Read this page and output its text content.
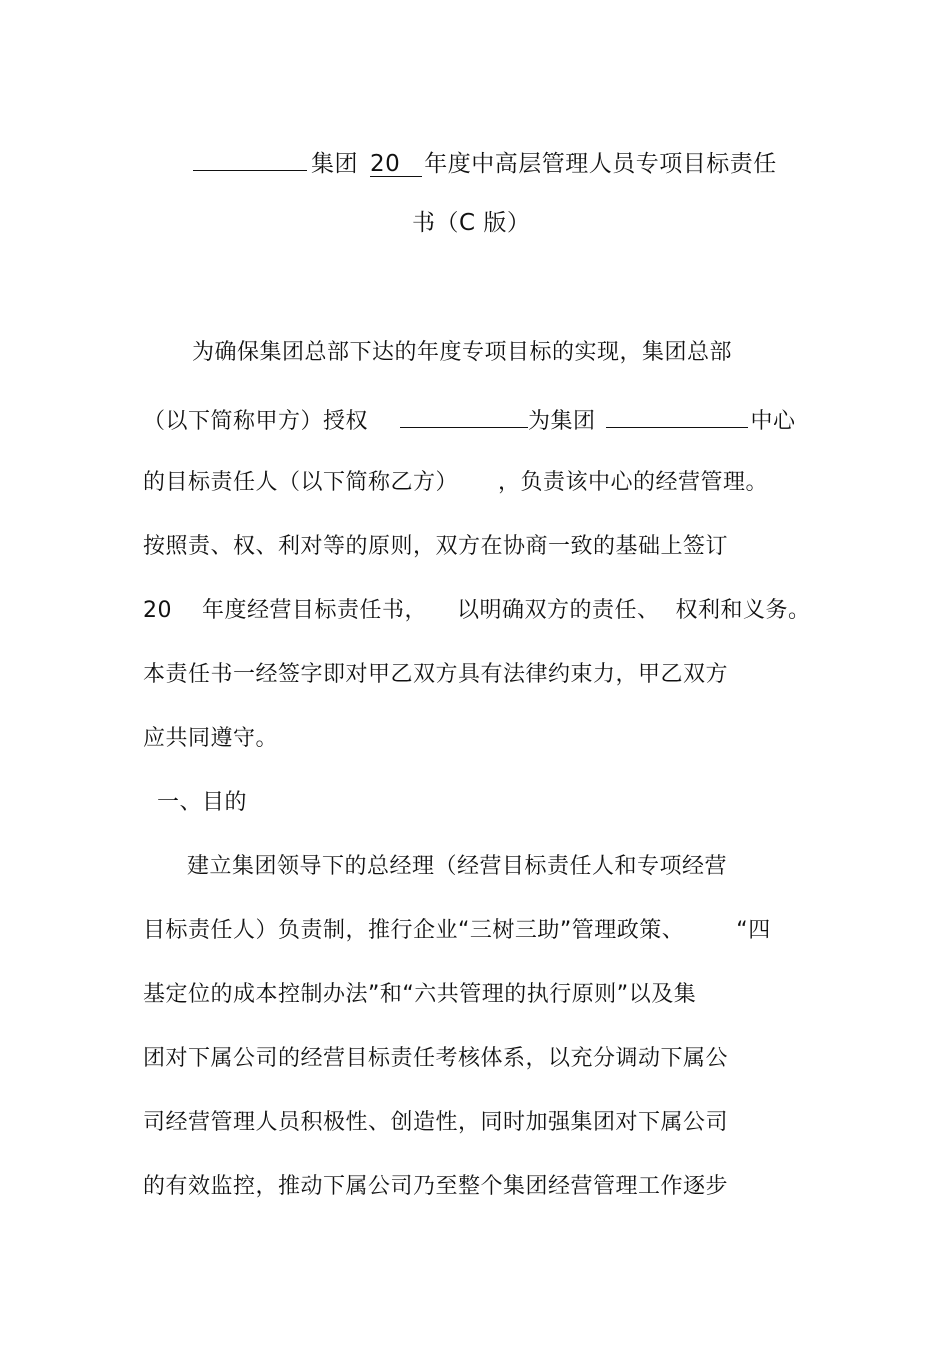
集团 20 年度中高层管理人员专项目标责任
书（C 版）
为确保集团总部下达的年度专项目标的实现，集团总部
（以下简称甲方）授权	为集团	中心
的目标责任人（以下简称乙方） ，负责该中心的经营管理。
按照责、权、利对等的原则，双方在协商一致的基础上签订
20 年度经营目标责任书， 以明确双方的责任、 权利和义务。
本责任书一经签字即对甲乙双方具有法律约束力，甲乙双方
应共同遵守。
一、目的
建立集团领导下的总经理（经营目标责任人和专项经营
目标责任人）负责制，推行企业“三树三助”管理政策、 “四
基定位的成本控制办法”和“六共管理的执行原则”以及集
团对下属公司的经营目标责任考核体系，以充分调动下属公
司经营管理人员积极性、创造性，同时加强集团对下属公司
的有效监控，推动下属公司乃至整个集团经营管理工作逐步
